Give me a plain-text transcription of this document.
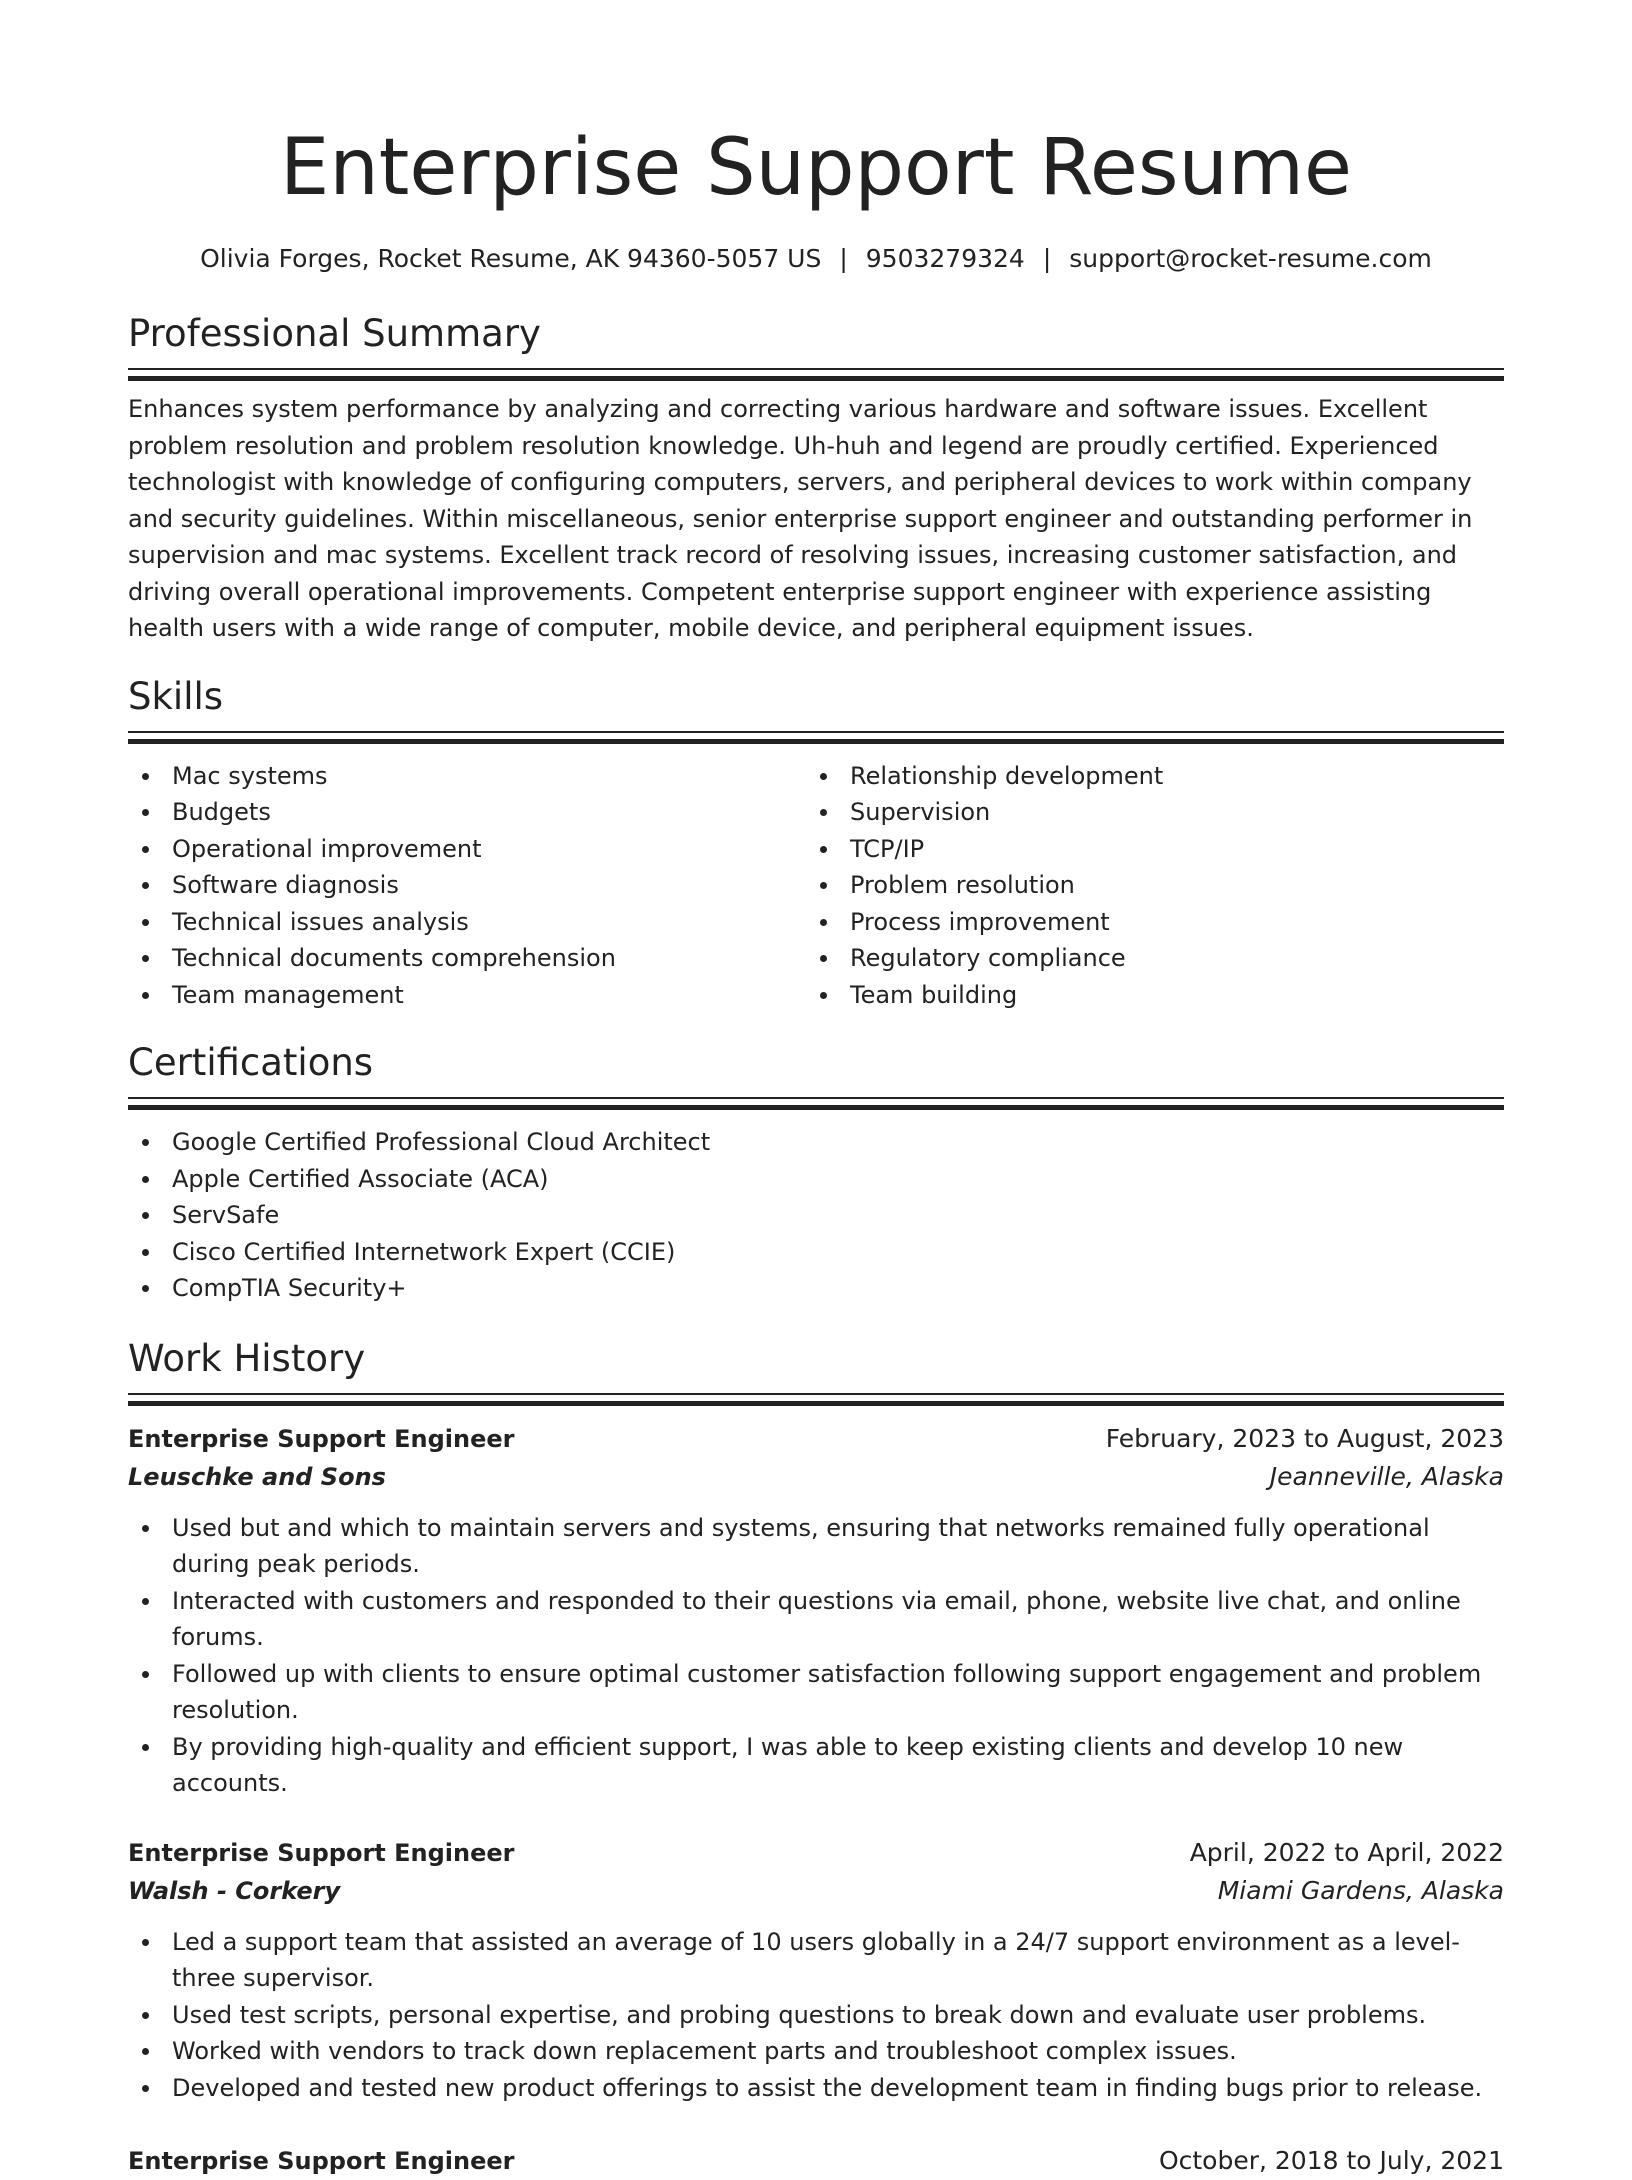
Enterprise Support Resume
Olivia Forges, Rocket Resume, AK 94360-5057 US | 9503279324 | support@rocket-resume.com
Professional Summary

Enhances system performance by analyzing and correcting various hardware and software issues. Excellent problem resolution and problem resolution knowledge. Uh-huh and legend are proudly certified. Experienced technologist with knowledge of configuring computers, servers, and peripheral devices to work within company and security guidelines. Within miscellaneous, senior enterprise support engineer and outstanding performer in supervision and mac systems. Excellent track record of resolving issues, increasing customer satisfaction, and driving overall operational improvements. Competent enterprise support engineer with experience assisting health users with a wide range of computer, mobile device, and peripheral equipment issues.

Skills
Mac systems
Budgets
Operational improvement
Software diagnosis
Technical issues analysis
Technical documents comprehension
Team management
Relationship development
Supervision
TCP/IP
Problem resolution
Process improvement
Regulatory compliance
Team building
Certifications
Google Certified Professional Cloud Architect
Apple Certified Associate (ACA)
ServSafe
Cisco Certified Internetwork Expert (CCIE)
CompTIA Security+
Work History
Enterprise Support Engineer	February, 2023 to August, 2023
Leuschke and Sons	Jeanneville, Alaska
Used but and which to maintain servers and systems, ensuring that networks remained fully operational during peak periods.
Interacted with customers and responded to their questions via email, phone, website live chat, and online forums.
Followed up with clients to ensure optimal customer satisfaction following support engagement and problem resolution.
By providing high-quality and efficient support, I was able to keep existing clients and develop 10 new accounts.
Enterprise Support Engineer	April, 2022 to April, 2022
Walsh - Corkery	Miami Gardens, Alaska
Led a support team that assisted an average of 10 users globally in a 24/7 support environment as a level-three supervisor.
Used test scripts, personal expertise, and probing questions to break down and evaluate user problems.
Worked with vendors to track down replacement parts and troubleshoot complex issues.
Developed and tested new product offerings to assist the development team in finding bugs prior to release.
Enterprise Support Engineer	October, 2018 to July, 2021
